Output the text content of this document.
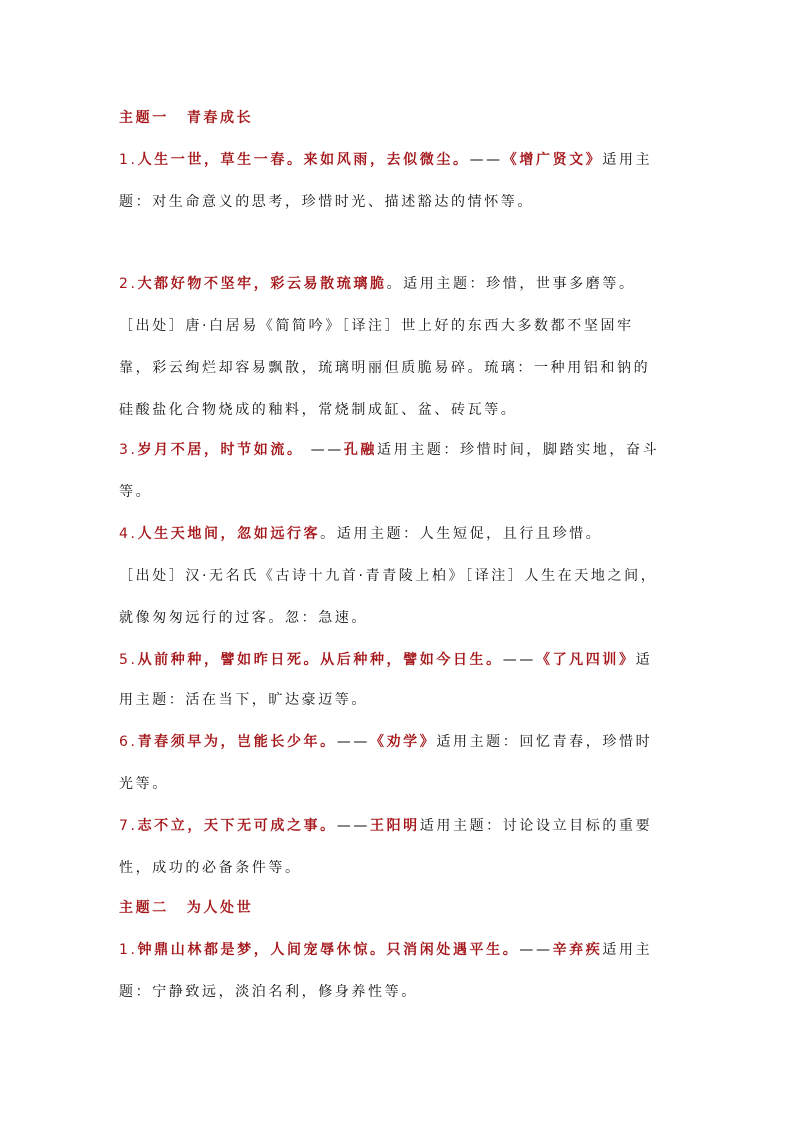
主题一 青春成长
1.人生一世，草生一春。来如风雨，去似微尘。——《增广贤文》适用主
题：对生命意义的思考，珍惜时光、描述豁达的情怀等。
2.大都好物不坚牢，彩云易散琉璃脆。适用主题：珍惜，世事多磨等。
［出处］唐·白居易《简简吟》［译注］世上好的东西大多数都不坚固牢
靠，彩云绚烂却容易飘散，琉璃明丽但质脆易碎。琉璃：一种用铝和钠的
硅酸盐化合物烧成的釉料，常烧制成缸、盆、砖瓦等。
3.岁月不居，时节如流。 ——孔融适用主题：珍惜时间，脚踏实地，奋斗
等。
4.人生天地间，忽如远行客。适用主题：人生短促，且行且珍惜。
［出处］汉·无名氏《古诗十九首·青青陵上柏》［译注］人生在天地之间，
就像匆匆远行的过客。忽：急速。
5.从前种种，譬如昨日死。从后种种，譬如今日生。——《了凡四训》适
用主题：活在当下，旷达豪迈等。
6.青春须早为，岂能长少年。——《劝学》适用主题：回忆青春，珍惜时
光等。
7.志不立，天下无可成之事。——王阳明适用主题：讨论设立目标的重要
性，成功的必备条件等。
主题二 为人处世
1.钟鼎山林都是梦，人间宠辱休惊。只消闲处遇平生。——辛弃疾适用主
题：宁静致远，淡泊名利，修身养性等。
